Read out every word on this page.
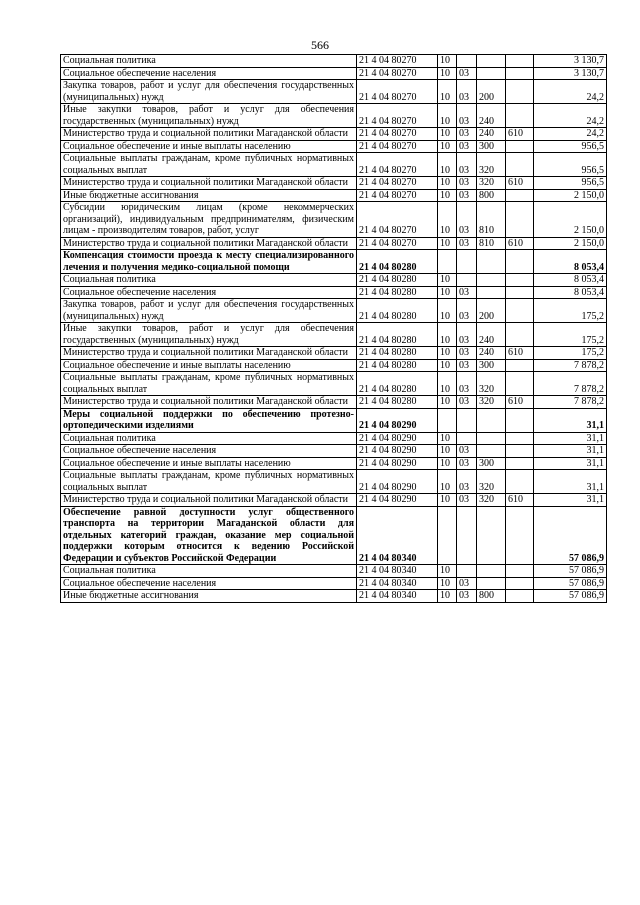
566
Социальная политика	21 4 04 80270	10				3 130,7
Социальное обеспечение населения	21 4 04 80270	10	03			3 130,7
Закупка товаров, работ и услуг для обеспечения государственных (муниципальных) нужд	21 4 04 80270	10	03	200		24,2
Иные закупки товаров, работ и услуг для обеспечения государственных (муниципальных) нужд	21 4 04 80270	10	03	240		24,2
Министерство труда и социальной политики Магаданской области	21 4 04 80270	10	03	240	610	24,2
Социальное обеспечение и иные выплаты населению	21 4 04 80270	10	03	300		956,5
Социальные выплаты гражданам, кроме публичных нормативных социальных выплат	21 4 04 80270	10	03	320		956,5
Министерство труда и социальной политики Магаданской области	21 4 04 80270	10	03	320	610	956,5
Иные бюджетные ассигнования	21 4 04 80270	10	03	800		2 150,0
Субсидии юридическим лицам (кроме некоммерческих организаций), индивидуальным предпринимателям, физическим лицам - производителям товаров, работ, услуг	21 4 04 80270	10	03	810		2 150,0
Министерство труда и социальной политики Магаданской области	21 4 04 80270	10	03	810	610	2 150,0
Компенсация стоимости проезда к месту специализированного лечения и получения медико-социальной помощи	21 4 04 80280					8 053,4
Социальная политика	21 4 04 80280	10				8 053,4
Социальное обеспечение населения	21 4 04 80280	10	03			8 053,4
Закупка товаров, работ и услуг для обеспечения государственных (муниципальных) нужд	21 4 04 80280	10	03	200		175,2
Иные закупки товаров, работ и услуг для обеспечения государственных (муниципальных) нужд	21 4 04 80280	10	03	240		175,2
Министерство труда и социальной политики Магаданской области	21 4 04 80280	10	03	240	610	175,2
Социальное обеспечение и иные выплаты населению	21 4 04 80280	10	03	300		7 878,2
Социальные выплаты гражданам, кроме публичных нормативных социальных выплат	21 4 04 80280	10	03	320		7 878,2
Министерство труда и социальной политики Магаданской области	21 4 04 80280	10	03	320	610	7 878,2
Меры социальной поддержки по обеспечению протезно-ортопедическими изделиями	21 4 04 80290					31,1
Социальная политика	21 4 04 80290	10				31,1
Социальное обеспечение населения	21 4 04 80290	10	03			31,1
Социальное обеспечение и иные выплаты населению	21 4 04 80290	10	03	300		31,1
Социальные выплаты гражданам, кроме публичных нормативных социальных выплат	21 4 04 80290	10	03	320		31,1
Министерство труда и социальной политики Магаданской области	21 4 04 80290	10	03	320	610	31,1
Обеспечение равной доступности услуг общественного транспорта на территории Магаданской области для отдельных категорий граждан, оказание мер социальной поддержки которым относится к ведению Российской Федерации и субъектов Российской Федерации	21 4 04 80340					57 086,9
Социальная политика	21 4 04 80340	10				57 086,9
Социальное обеспечение населения	21 4 04 80340	10	03			57 086,9
Иные бюджетные ассигнования	21 4 04 80340	10	03	800		57 086,9
